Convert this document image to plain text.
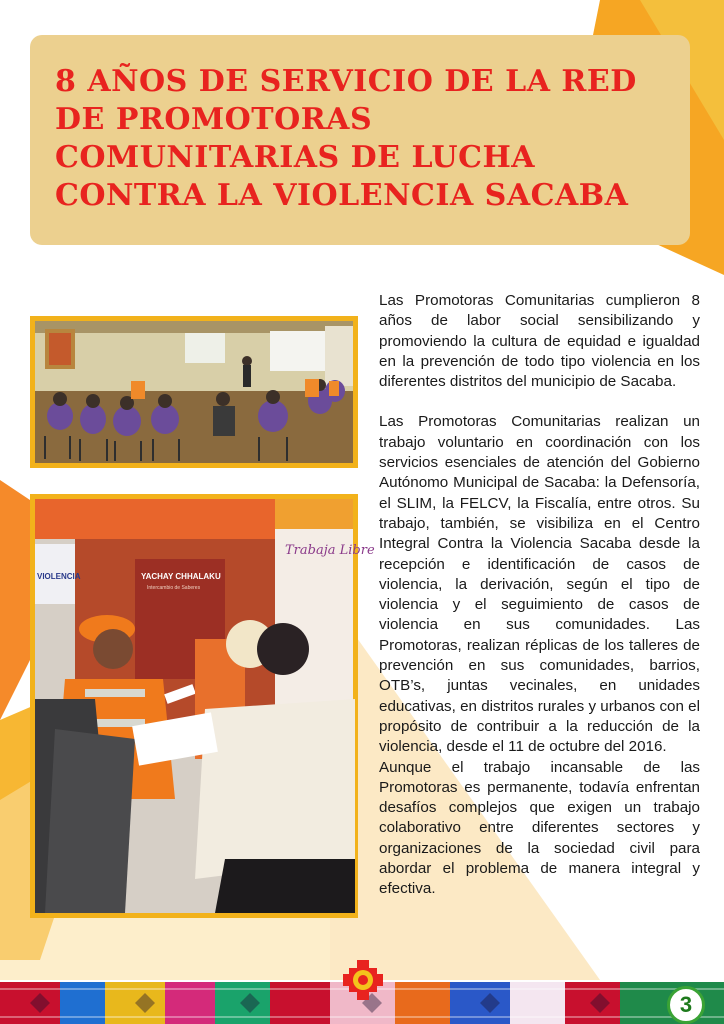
8 AÑOS DE SERVICIO DE LA RED DE PROMOTORAS COMUNITARIAS DE LUCHA CONTRA LA VIOLENCIA SACABA
YACHAY CHHALAKU
Intercambio de Saberes
Trabaja Libre
VIOLENCIA

Las Promotoras Comunitarias cumplieron 8 años de labor social sensibilizando y promoviendo la cultura de equidad e igualdad en la prevención de todo tipo violencia en los diferentes distritos del municipio de Sacaba.

Las Promotoras Comunitarias realizan un trabajo voluntario en coordinación con los servicios esenciales de atención del Gobierno Autónomo Municipal de Sacaba: la Defensoría, el SLIM, la FELCV, la Fiscalía, entre otros. Su trabajo, también, se visibiliza en el Centro Integral Contra la Violencia Sacaba desde la recepción e identificación de casos de violencia, la derivación, según el tipo de violencia y el seguimiento de casos de violencia en sus comunidades. Las Promotoras, realizan réplicas de los talleres de prevención en sus comunidades, barrios, OTB’s, juntas vecinales, en unidades educativas, en distritos rurales y urbanos con el propósito de contribuir a la reducción de la violencia, desde el 11 de octubre del 2016.

Aunque el trabajo incansable de las Promotoras es permanente, todavía enfrentan desafíos complejos que exigen un trabajo colaborativo entre diferentes sectores y organizaciones de la sociedad civil para abordar el problema de manera integral y efectiva.

3
